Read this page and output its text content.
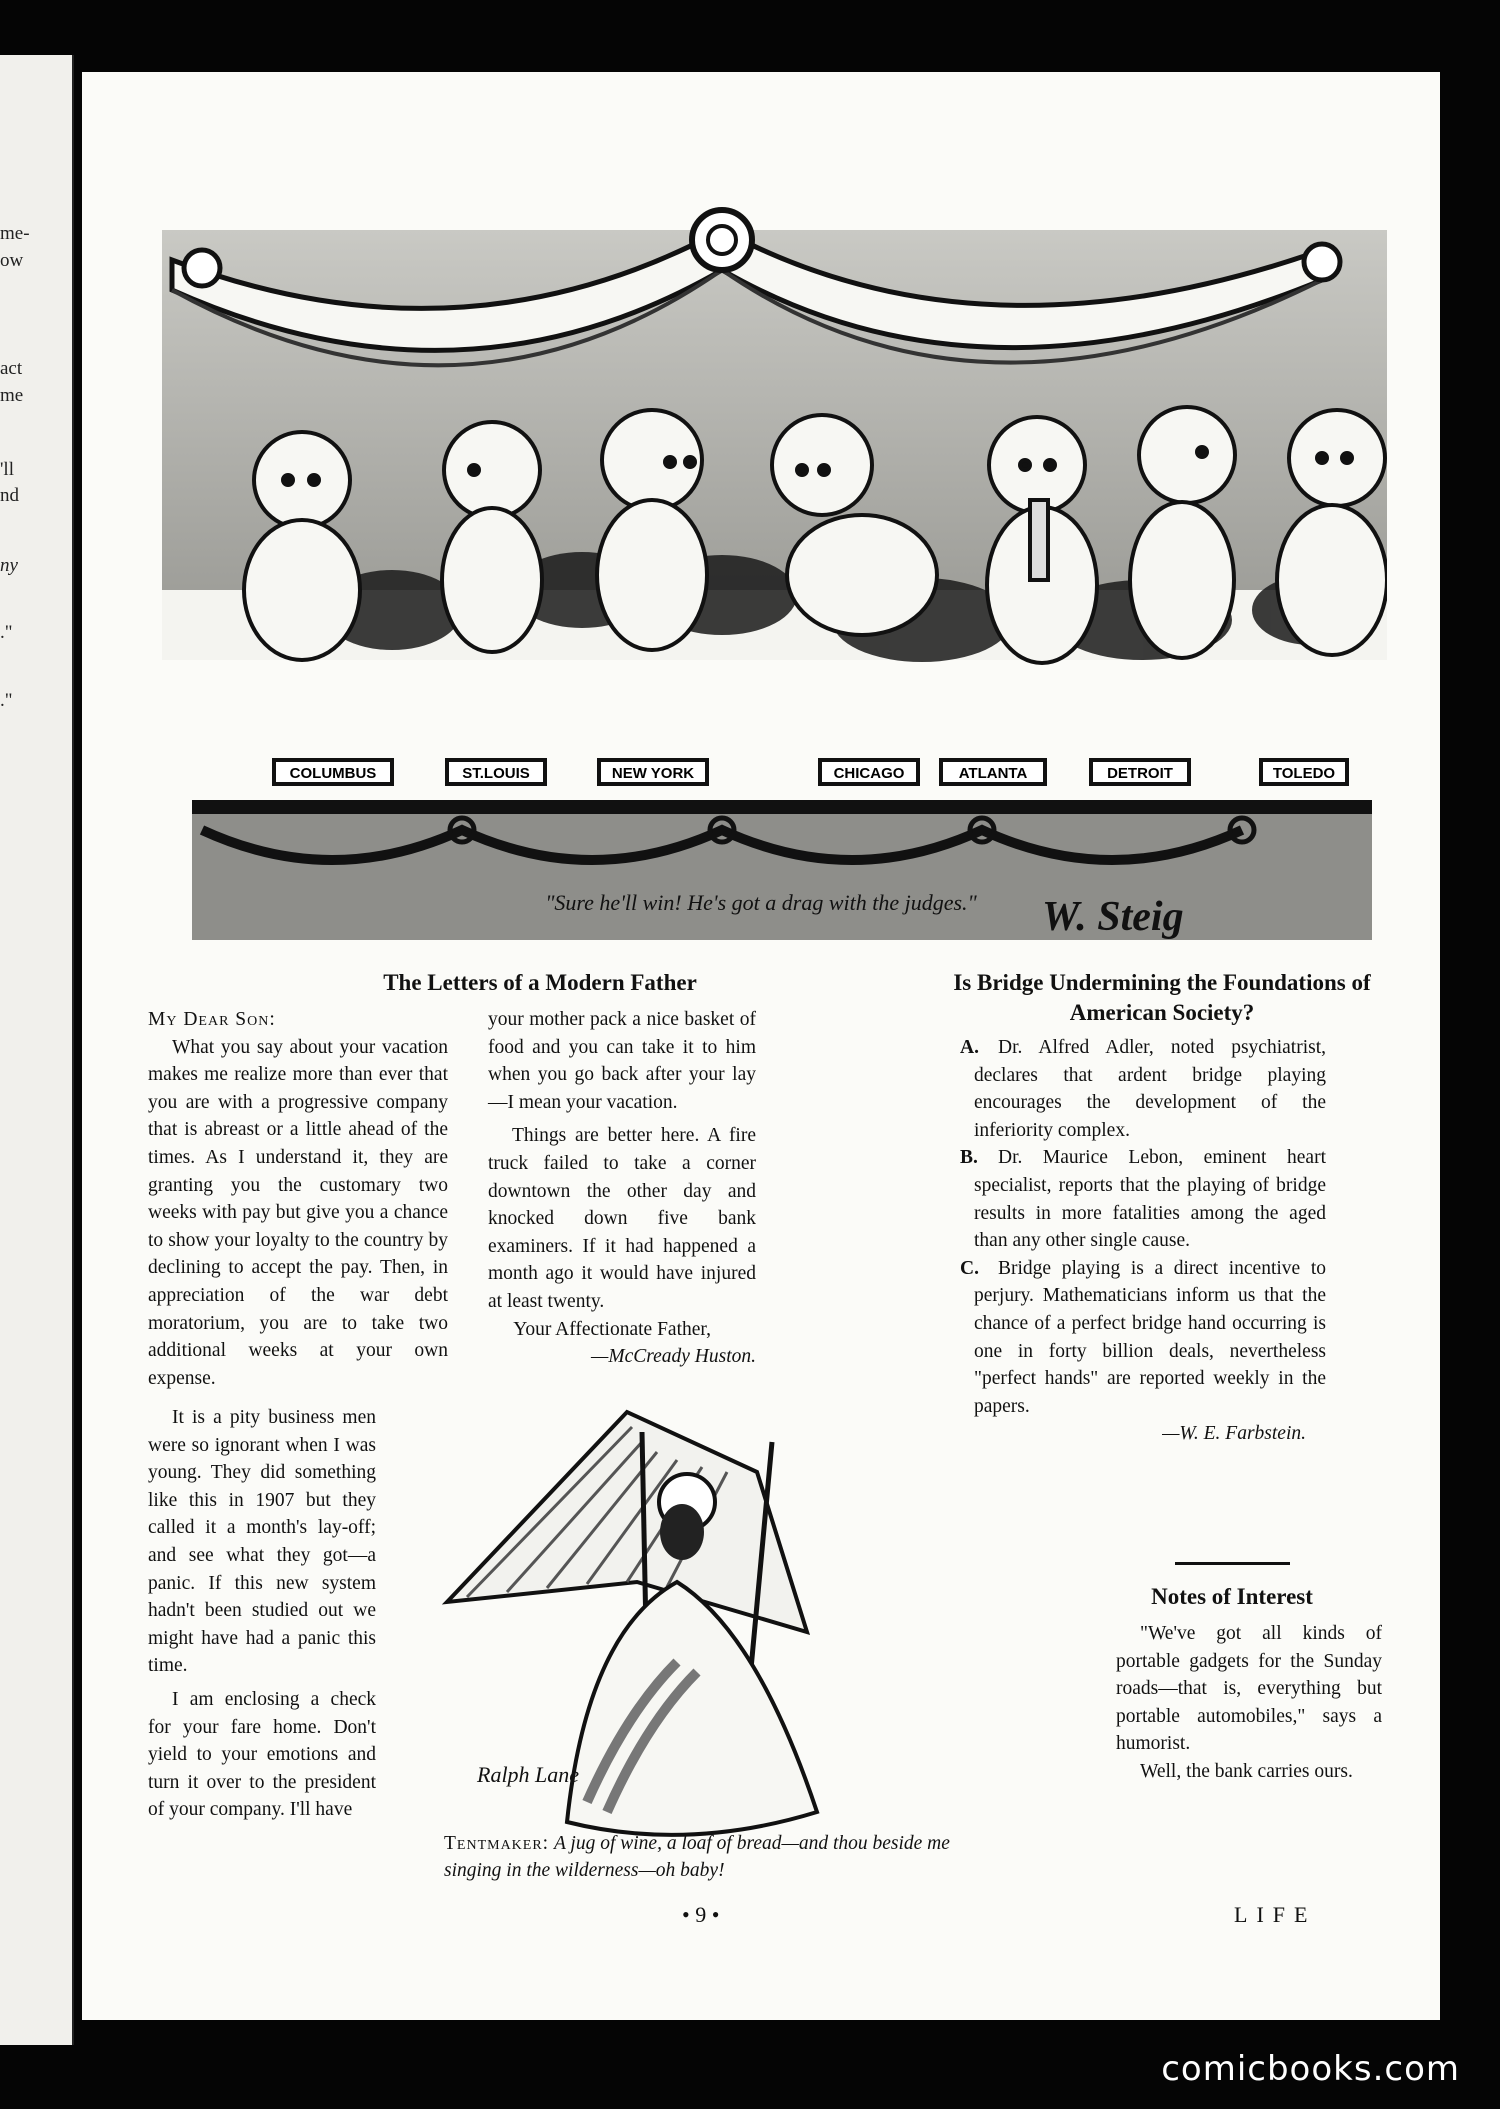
me-
ow
act
me
'll
nd
ny
."
."
COLUMBUS	ST.LOUIS	NEW YORK	CHICAGO	ATLANTA	DETROIT	TOLEDO
W. Steig
"Sure he'll win! He's got a drag with the judges."
The Letters of a Modern Father

My Dear Son:

What you say about your vacation makes me realize more than ever that you are with a progressive company that is abreast or a little ahead of the times. As I understand it, they are granting you the customary two weeks with pay but give you a chance to show your loyalty to the country by declining to accept the pay. Then, in appreciation of the war debt moratorium, you are to take two additional weeks at your own expense.

It is a pity business men were so ignorant when I was young. They did something like this in 1907 but they called it a month's lay-off; and see what they got—a panic. If this new system hadn't been studied out we might have had a panic this time.

I am enclosing a check for your fare home. Don't yield to your emotions and turn it over to the president of your company. I'll have

your mother pack a nice basket of food and you can take it to him when you go back after your lay—I mean your vacation.

Things are better here. A fire truck failed to take a corner downtown the other day and knocked down five bank examiners. If it had happened a month ago it would have injured at least twenty.

Your Affectionate Father,
—McCready Huston.
Ralph Lane
Tentmaker: A jug of wine, a loaf of bread—and thou beside me singing in the wilderness—oh baby!
Is Bridge Undermining the Foundations of American Society?

A. Dr. Alfred Adler, noted psychiatrist, declares that ardent bridge playing encourages the development of the inferiority complex.

B. Dr. Maurice Lebon, eminent heart specialist, reports that the playing of bridge results in more fatalities among the aged than any other single cause.

C. Bridge playing is a direct incentive to perjury. Mathematicians inform us that the chance of a perfect bridge hand occurring is one in forty billion deals, nevertheless "perfect hands" are reported weekly in the papers.

—W. E. Farbstein.
Notes of Interest

"We've got all kinds of portable gadgets for the Sunday roads—that is, everything but portable automobiles," says a humorist.

Well, the bank carries ours.

• 9 •	LIFE
comicbooks.com
